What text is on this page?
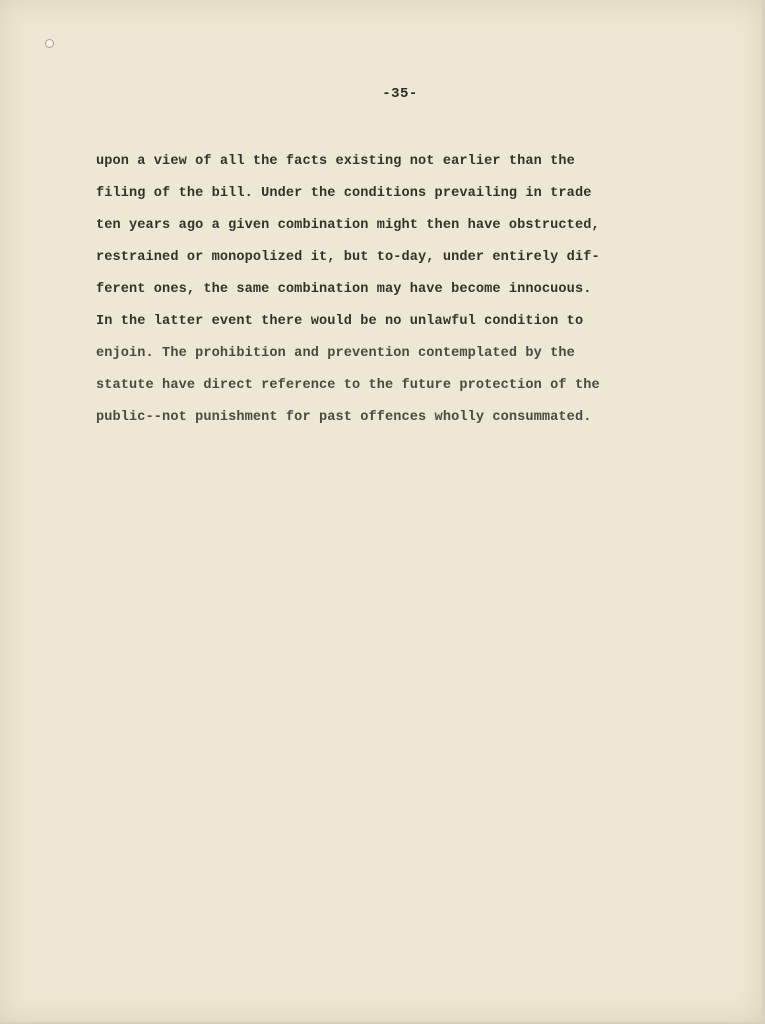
-35-
upon a view of all the facts existing not earlier than the
filing of the bill. Under the conditions prevailing in trade
ten years ago a given combination might then have obstructed,
restrained or monopolized it, but to-day, under entirely dif-
ferent ones, the same combination may have become innocuous.
In the latter event there would be no unlawful condition to
enjoin. The prohibition and prevention contemplated by the
statute have direct reference to the future protection of the
public--not punishment for past offences wholly consummated.
